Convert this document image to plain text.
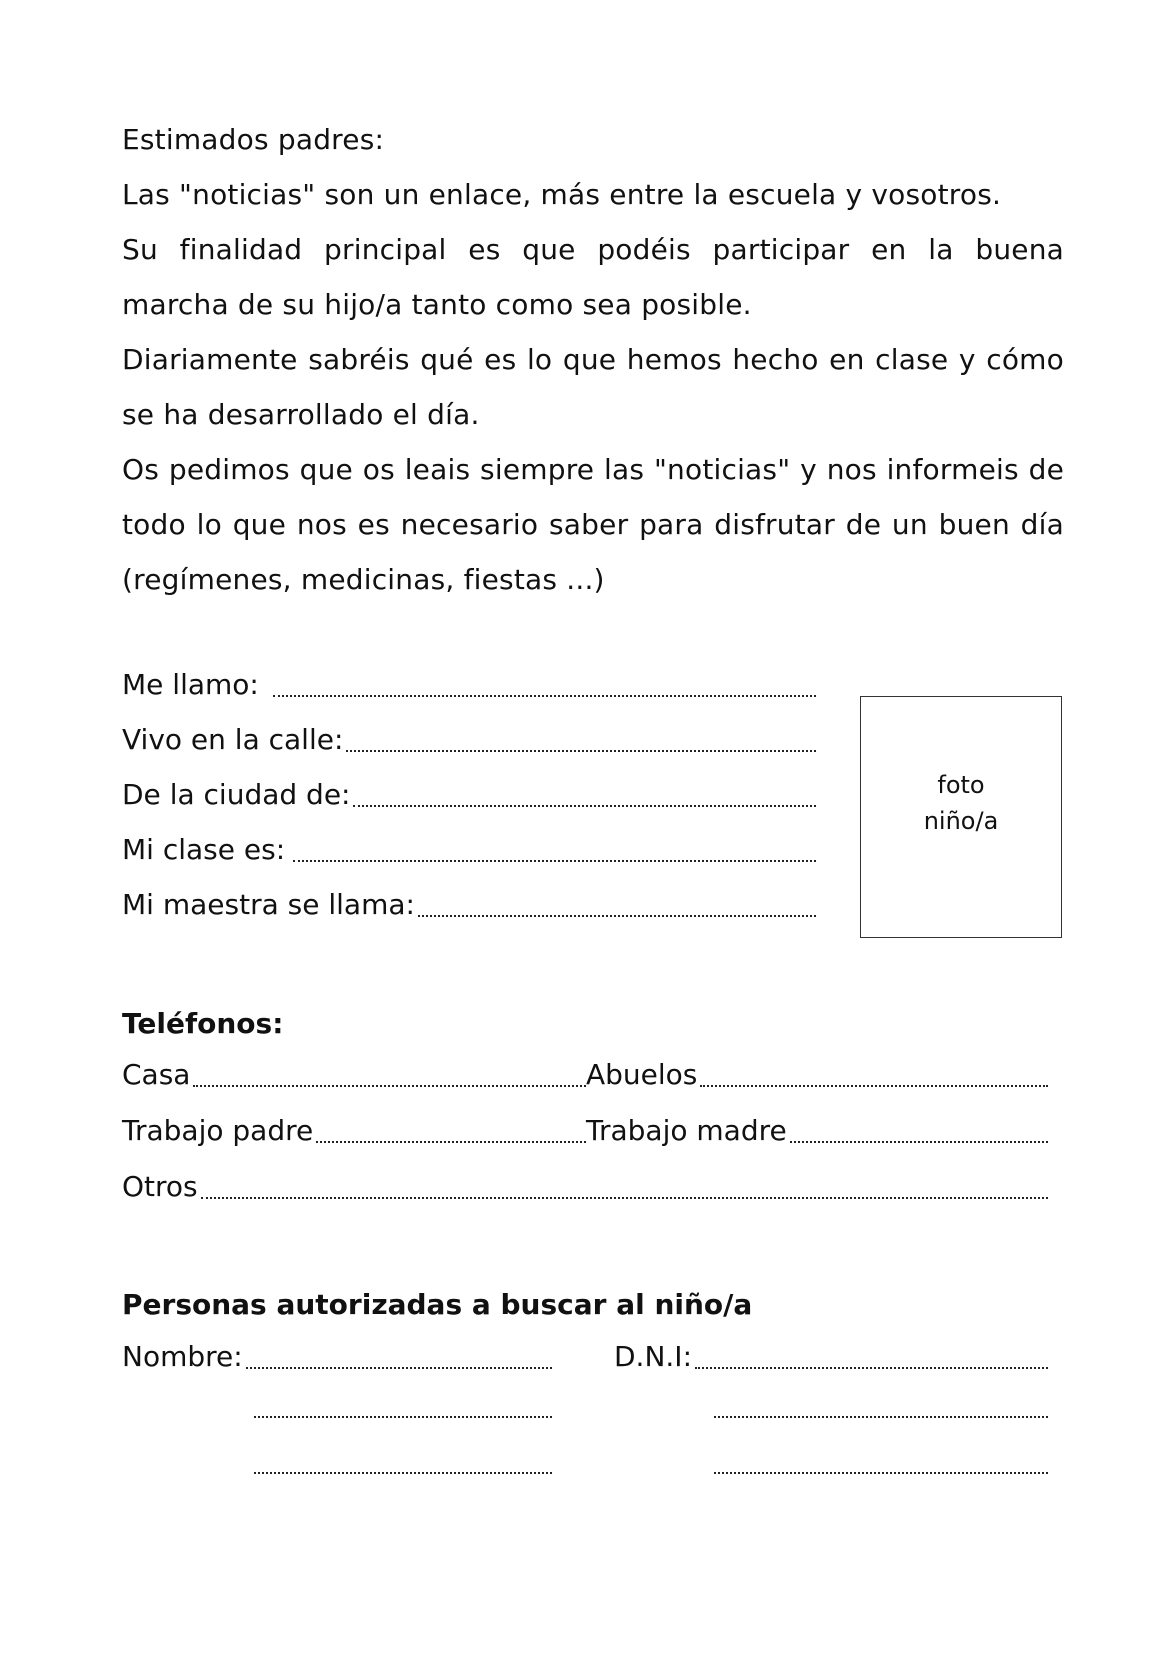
Estimados padres:

Las "noticias" son un enlace, más entre la escuela y vosotros.

Su finalidad principal es que podéis participar en la buena marcha de su hijo/a tanto como sea posible.

Diariamente sabréis qué es lo que hemos hecho en clase y cómo se ha desarrollado el día.

Os pedimos que os leais siempre las "noticias" y nos informeis de todo lo que nos es necesario saber para disfrutar de un buen día (regímenes, medicinas, fiestas ...)

Me llamo:
Vivo en la calle:
De la ciudad de:
Mi clase es:
Mi maestra se llama:
foto
niño/a
Teléfonos:
Casa	Abuelos
Trabajo padre	Trabajo madre
Otros
Personas autorizadas a buscar al niño/a
Nombre:	D.N.I:
